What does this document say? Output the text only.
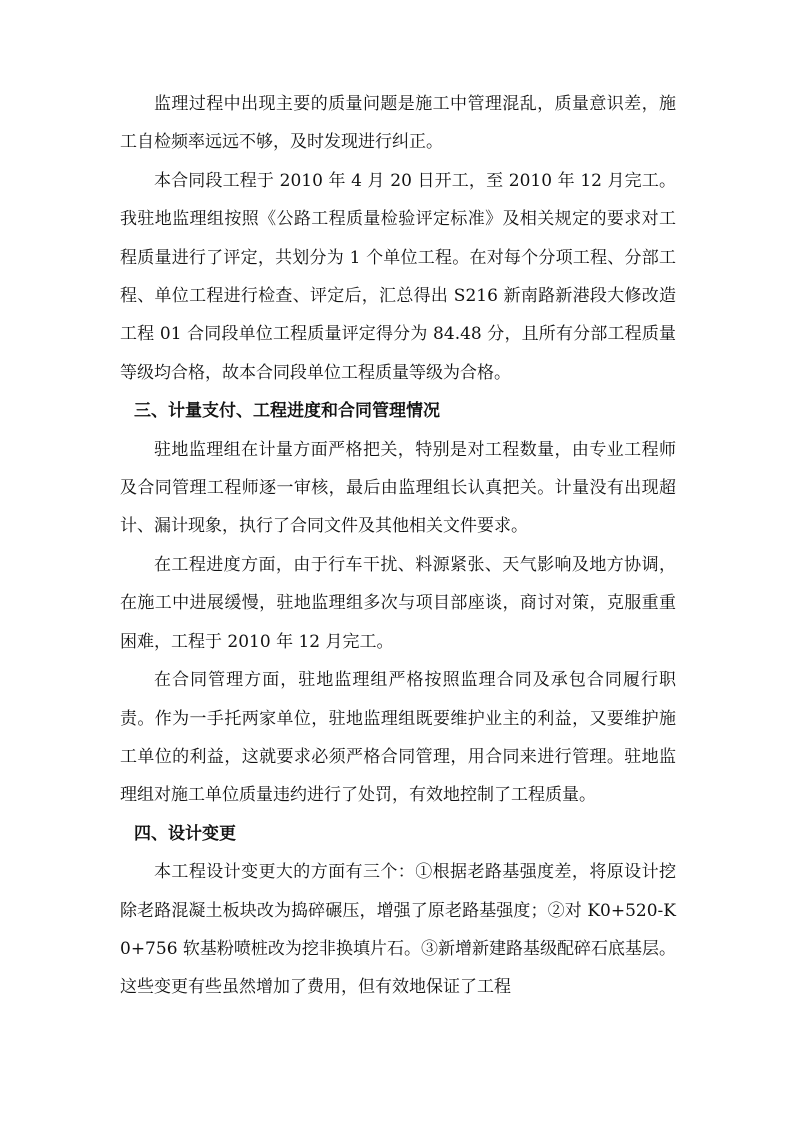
监理过程中出现主要的质量问题是施工中管理混乱，质量意识差，施工自检频率远远不够，及时发现进行纠正。

本合同段工程于 2010 年 4 月 20 日开工，至 2010 年 12 月完工。我驻地监理组按照《公路工程质量检验评定标准》及相关规定的要求对工程质量进行了评定，共划分为 1 个单位工程。在对每个分项工程、分部工程、单位工程进行检查、评定后，汇总得出 S216 新南路新港段大修改造工程 01 合同段单位工程质量评定得分为 84.48 分，且所有分部工程质量等级均合格，故本合同段单位工程质量等级为合格。

三、计量支付、工程进度和合同管理情况

驻地监理组在计量方面严格把关，特别是对工程数量，由专业工程师及合同管理工程师逐一审核，最后由监理组长认真把关。计量没有出现超计、漏计现象，执行了合同文件及其他相关文件要求。

在工程进度方面，由于行车干扰、料源紧张、天气影响及地方协调，在施工中进展缓慢，驻地监理组多次与项目部座谈，商讨对策，克服重重困难，工程于 2010 年 12 月完工。

在合同管理方面，驻地监理组严格按照监理合同及承包合同履行职责。作为一手托两家单位，驻地监理组既要维护业主的利益，又要维护施工单位的利益，这就要求必须严格合同管理，用合同来进行管理。驻地监理组对施工单位质量违约进行了处罚，有效地控制了工程质量。

四、设计变更

本工程设计变更大的方面有三个：①根据老路基强度差，将原设计挖除老路混凝土板块改为捣碎碾压，增强了原老路基强度；②对 K0+520-K0+756 软基粉喷桩改为挖非换填片石。③新增新建路基级配碎石底基层。这些变更有些虽然增加了费用，但有效地保证了工程
